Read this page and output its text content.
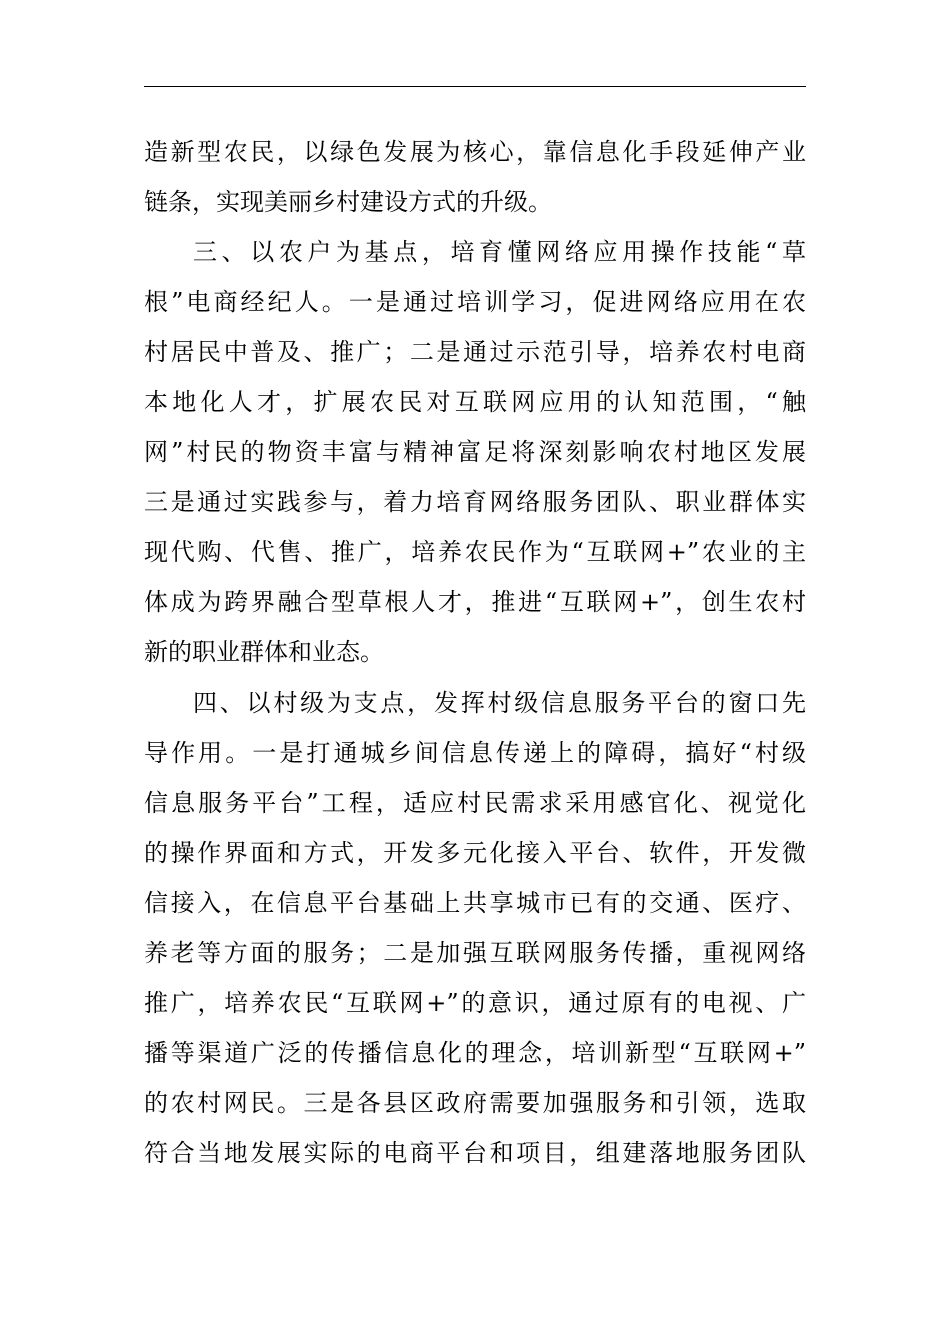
造新型农民，以绿色发展为核心，靠信息化手段延伸产业
链条，实现美丽乡村建设方式的升级。
三、以农户为基点，培育懂网络应用操作技能“草
根”电商经纪人。一是通过培训学习，促进网络应用在农
村居民中普及、推广；二是通过示范引导，培养农村电商
本地化人才，扩展农民对互联网应用的认知范围，“触
网”村民的物资丰富与精神富足将深刻影响农村地区发展
三是通过实践参与，着力培育网络服务团队、职业群体实
现代购、代售、推广，培养农民作为“互联网+”农业的主
体成为跨界融合型草根人才，推进“互联网+”，创生农村
新的职业群体和业态。
四、以村级为支点，发挥村级信息服务平台的窗口先
导作用。一是打通城乡间信息传递上的障碍，搞好“村级
信息服务平台”工程，适应村民需求采用感官化、视觉化
的操作界面和方式，开发多元化接入平台、软件，开发微
信接入，在信息平台基础上共享城市已有的交通、医疗、
养老等方面的服务；二是加强互联网服务传播，重视网络
推广，培养农民“互联网+”的意识，通过原有的电视、广
播等渠道广泛的传播信息化的理念，培训新型“互联网+”
的农村网民。三是各县区政府需要加强服务和引领，选取
符合当地发展实际的电商平台和项目，组建落地服务团队
